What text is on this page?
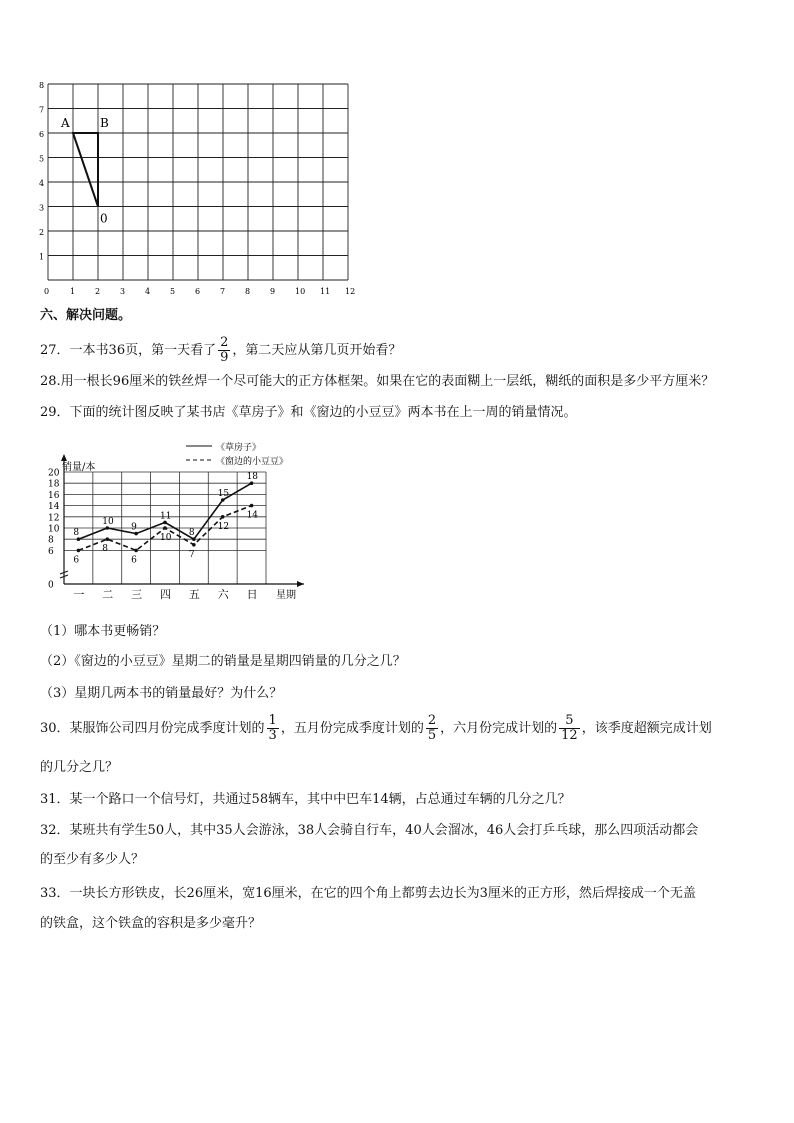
0	1 2 3 4 5 6 7 8 9 10 11 12
1
2
3
4
5
6
7
8
A	B
0
六、解决问题。
27．一本书36页，第一天看了 $\frac{2}{9}$ ，第二天应从第几页开始看？
28.用一根长96厘米的铁丝焊一个尽可能大的正方体框架。如果在它的表面糊上一层纸，糊纸的面积是多少平方厘米？
29．下面的统计图反映了某书店《草房子》和《窗边的小豆豆》两本书在上一周的销量情况。
0
6
8
10
12
14
16
18
20
一 二 三 四 五 六 日 星期
销量/本
《草房子》
《窗边的小豆豆》
8
10
9
11
8
15
18
6
8
6
10
7
12
14
（1）哪本书更畅销？
（2）《窗边的小豆豆》星期二的销量是星期四销量的几分之几？
（3）星期几两本书的销量最好？为什么？
30．某服饰公司四月份完成季度计划的 $\frac{1}{3}$ ，五月份完成季度计划的 $\frac{2}{5}$ ，六月份完成计划的 $\frac{5}{12}$ ，该季度超额完成计划
的几分之几？
31．某一个路口一个信号灯，共通过58辆车，其中中巴车14辆，占总通过车辆的几分之几？
32．某班共有学生50人，其中35人会游泳，38人会骑自行车，40人会溜冰，46人会打乒乓球，那么四项活动都会
的至少有多少人？
33．一块长方形铁皮，长26厘米，宽16厘米，在它的四个角上都剪去边长为3厘米的正方形，然后焊接成一个无盖
的铁盒，这个铁盒的容积是多少毫升？
